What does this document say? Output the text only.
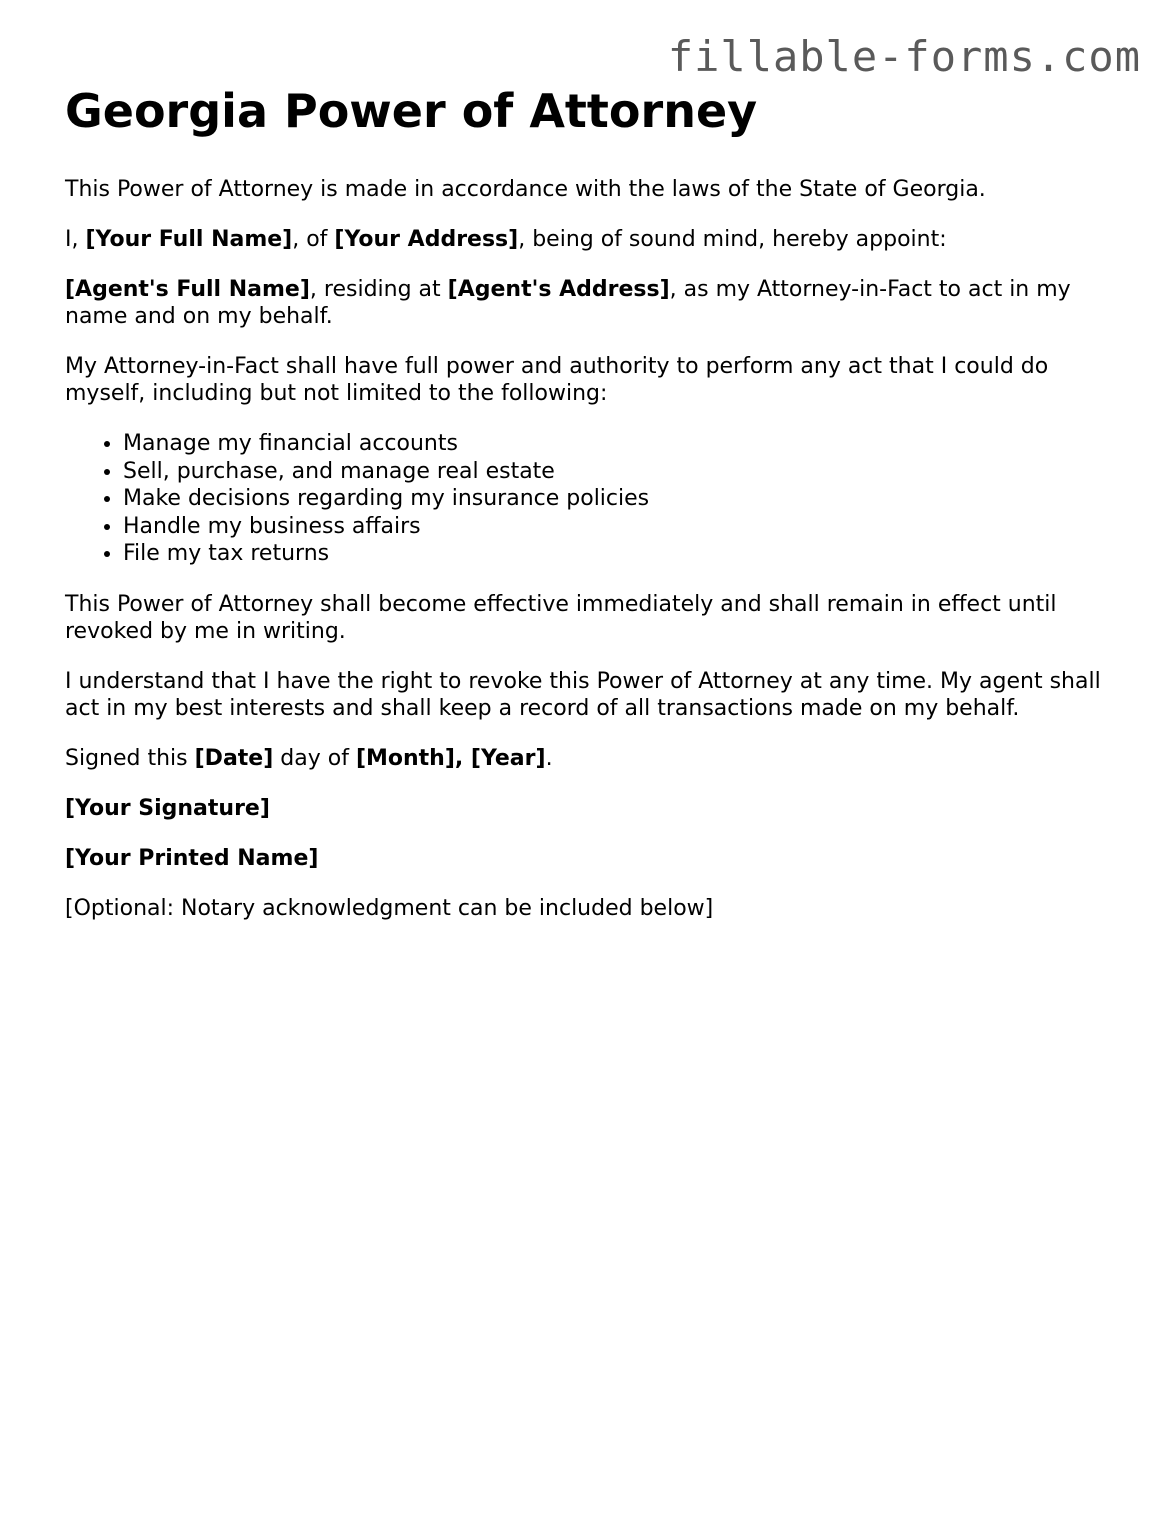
fillable-forms.com
Georgia Power of Attorney

This Power of Attorney is made in accordance with the laws of the State of Georgia.

I, [Your Full Name], of [Your Address], being of sound mind, hereby appoint:

[Agent's Full Name], residing at [Agent's Address], as my Attorney-in-Fact to act in my name and on my behalf.

My Attorney-in-Fact shall have full power and authority to perform any act that I could do myself, including but not limited to the following:

• Manage my financial accounts
• Sell, purchase, and manage real estate
• Make decisions regarding my insurance policies
• Handle my business affairs
• File my tax returns

This Power of Attorney shall become effective immediately and shall remain in effect until revoked by me in writing.

I understand that I have the right to revoke this Power of Attorney at any time. My agent shall act in my best interests and shall keep a record of all transactions made on my behalf.

Signed this [Date] day of [Month], [Year].

[Your Signature]

[Your Printed Name]

[Optional: Notary acknowledgment can be included below]
